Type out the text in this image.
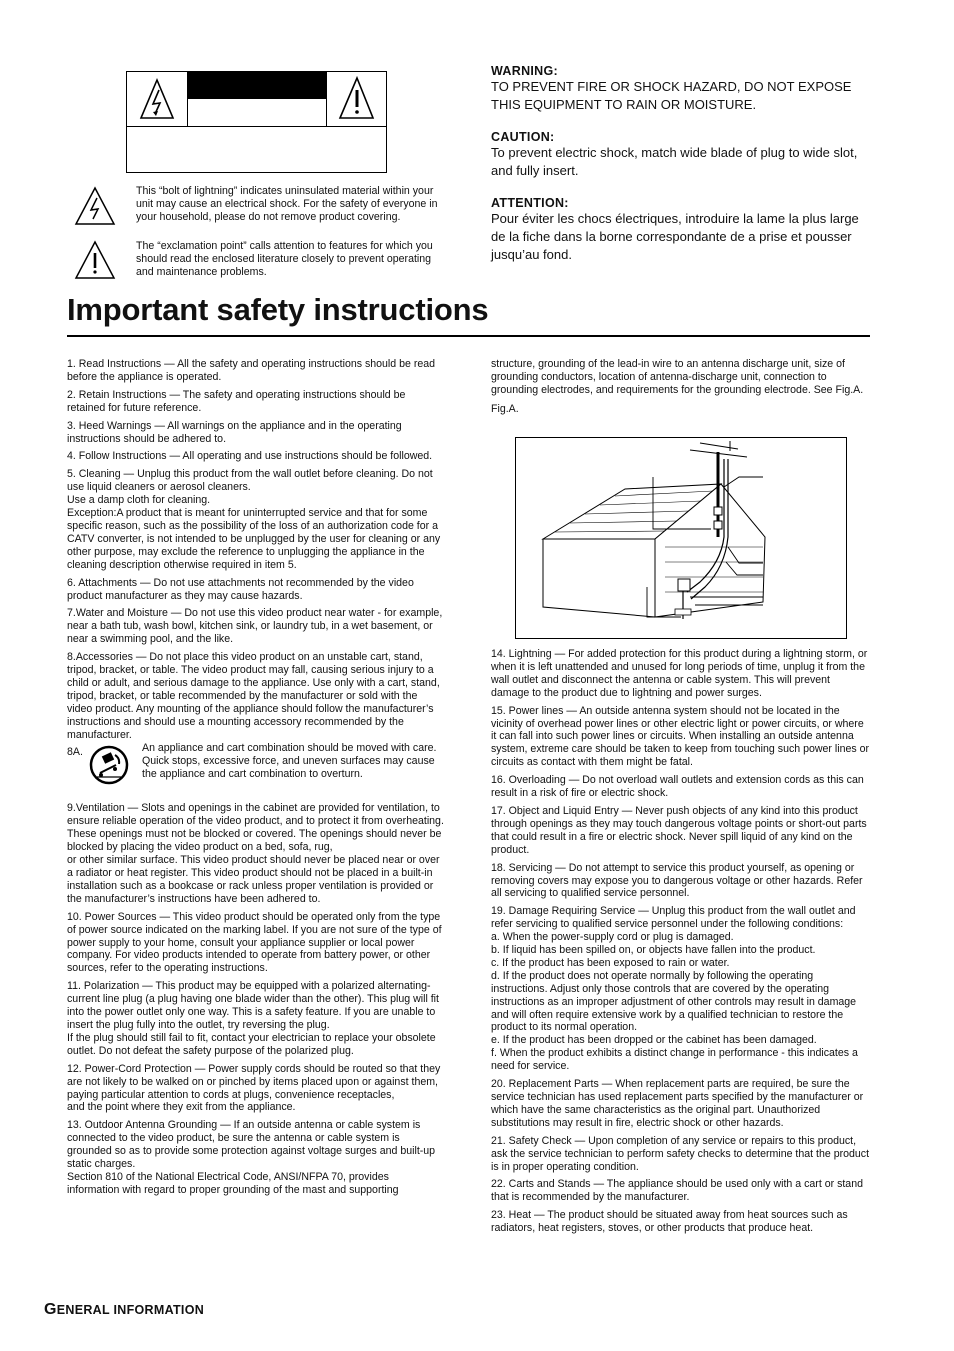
This “bolt of lightning” indicates uninsulated material within your unit may cause an electrical shock. For the safety of everyone in your household, please do not remove product covering.
The “exclamation point” calls attention to features for which you should read the enclosed literature closely to prevent operating and maintenance problems.

WARNING:

TO PREVENT FIRE OR SHOCK HAZARD, DO NOT EXPOSE THIS EQUIPMENT TO RAIN OR MOISTURE.

CAUTION:

To prevent electric shock, match wide blade of plug to wide slot, and fully insert.

ATTENTION:

Pour éviter les chocs électriques, introduire la lame la plus large de la fiche dans la borne correspondante de a prise et pousser jusqu’au fond.

Important safety instructions

1. Read Instructions — All the safety and operating instructions should be read before the appliance is operated.

2. Retain Instructions — The safety and operating instructions should be retained for future reference.

3. Heed Warnings — All warnings on the appliance and in the operating instructions should be adhered to.

4. Follow Instructions — All operating and use instructions should be followed.

5. Cleaning — Unplug this product from the wall outlet before cleaning. Do not use liquid cleaners or aerosol cleaners.
Use a damp cloth for cleaning.
Exception:A product that is meant for uninterrupted service and that for some specific reason, such as the possibility of the loss of an authorization code for a CATV converter, is not intended to be unplugged by the user for cleaning or any other purpose, may exclude the reference to unplugging the appliance in the cleaning description otherwise required in item 5.

6. Attachments — Do not use attachments not recommended by the video product manufacturer as they may cause hazards.

7.Water and Moisture — Do not use this video product near water - for example, near a bath tub, wash bowl, kitchen sink, or laundry tub, in a wet basement, or near a swimming pool, and the like.

8.Accessories — Do not place this video product on an unstable cart, stand, tripod, bracket, or table. The video product may fall, causing serious injury to a child or adult, and serious damage to the appliance. Use only with a cart, stand, tripod, bracket, or table recommended by the manufacturer or sold with the video product. Any mounting of the appliance should follow the manufacturer’s instructions and should use a mounting accessory recommended by the manufacturer.

8A.	An appliance and cart combination should be moved with care. Quick stops, excessive force, and uneven surfaces may cause the appliance and cart combination to overturn.

9.Ventilation — Slots and openings in the cabinet are provided for ventilation, to ensure reliable operation of the video product, and to protect it from overheating. These openings must not be blocked or covered. The openings should never be blocked by placing the video product on a bed, sofa, rug,
or other similar surface. This video product should never be placed near or over a radiator or heat register. This video product should not be placed in a built-in installation such as a bookcase or rack unless proper ventilation is provided or the manufacturer’s instructions have been adhered to.

10. Power Sources — This video product should be operated only from the type of power source indicated on the marking label. If you are not sure of the type of power supply to your home, consult your appliance supplier or local power company. For video products intended to operate from battery power, or other sources, refer to the operating instructions.

11. Polarization — This product may be equipped with a polarized alternating-current line plug (a plug having one blade wider than the other). This plug will fit into the power outlet only one way. This is a safety feature. If you are unable to insert the plug fully into the outlet, try reversing the plug.
If the plug should still fail to fit, contact your electrician to replace your obsolete outlet. Do not defeat the safety purpose of the polarized plug.

12. Power-Cord Protection — Power supply cords should be routed so that they are not likely to be walked on or pinched by items placed upon or against them, paying particular attention to cords at plugs, convenience receptacles,
and the point where they exit from the appliance.

13. Outdoor Antenna Grounding — If an outside antenna or cable system is connected to the video product, be sure the antenna or cable system is grounded so as to provide some protection against voltage surges and built-up static charges.
Section 810 of the National Electrical Code, ANSI/NFPA 70, provides information with regard to proper grounding of the mast and supporting

structure, grounding of the lead-in wire to an antenna discharge unit, size of grounding conductors, location of antenna-discharge unit, connection to grounding electrodes, and requirements for the grounding electrode. See Fig.A.

Fig.A.

14. Lightning — For added protection for this product during a lightning storm, or when it is left unattended and unused for long periods of time, unplug it from the wall outlet and disconnect the antenna or cable system. This will prevent damage to the product due to lightning and power surges.

15. Power lines — An outside antenna system should not be located in the vicinity of overhead power lines or other electric light or power circuits, or where it can fall into such power lines or circuits. When installing an outside antenna system, extreme care should be taken to keep from touching such power lines or circuits as contact with them might be fatal.

16. Overloading — Do not overload wall outlets and extension cords as this can result in a risk of fire or electric shock.

17. Object and Liquid Entry — Never push objects of any kind into this product through openings as they may touch dangerous voltage points or short-out parts that could result in a fire or electric shock. Never spill liquid of any kind on the product.

18. Servicing — Do not attempt to service this product yourself, as opening or removing covers may expose you to dangerous voltage or other hazards. Refer all servicing to qualified service personnel.

19. Damage Requiring Service — Unplug this product from the wall outlet and refer servicing to qualified service personnel under the following conditions:
a. When the power-supply cord or plug is damaged.
b. If liquid has been spilled on, or objects have fallen into the product.
c. If the product has been exposed to rain or water.
d. If the product does not operate normally by following the operating instructions. Adjust only those controls that are covered by the operating instructions as an improper adjustment of other controls may result in damage and will often require extensive work by a qualified technician to restore the product to its normal operation.
e. If the product has been dropped or the cabinet has been damaged.
f. When the product exhibits a distinct change in performance - this indicates a need for service.

20. Replacement Parts — When replacement parts are required, be sure the service technician has used replacement parts specified by the manufacturer or which have the same characteristics as the original part. Unauthorized substitutions may result in fire, electric shock or other hazards.

21. Safety Check — Upon completion of any service or repairs to this product, ask the service technician to perform safety checks to determine that the product is in proper operating condition.

22. Carts and Stands — The appliance should be used only with a cart or stand that is recommended by the manufacturer.

23. Heat — The product should be situated away from heat sources such as radiators, heat registers, stoves, or other products that produce heat.

GENERAL INFORMATION
